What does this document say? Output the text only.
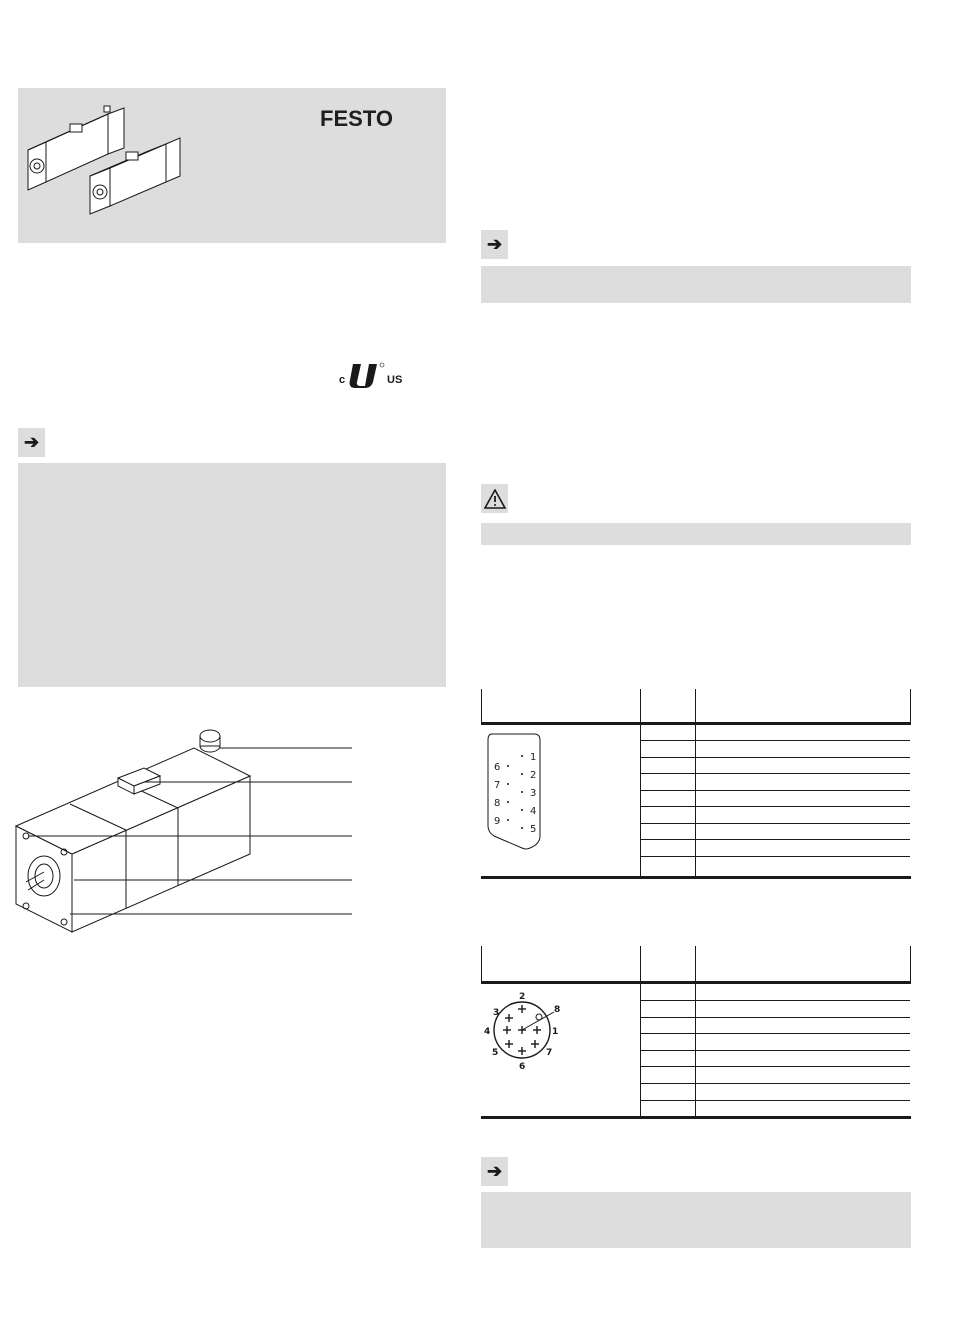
FESTO
c	US
➔
➔
1
2
3
4
5
6
7
8
9
1
2
3
4
5
6
7
8
➔
